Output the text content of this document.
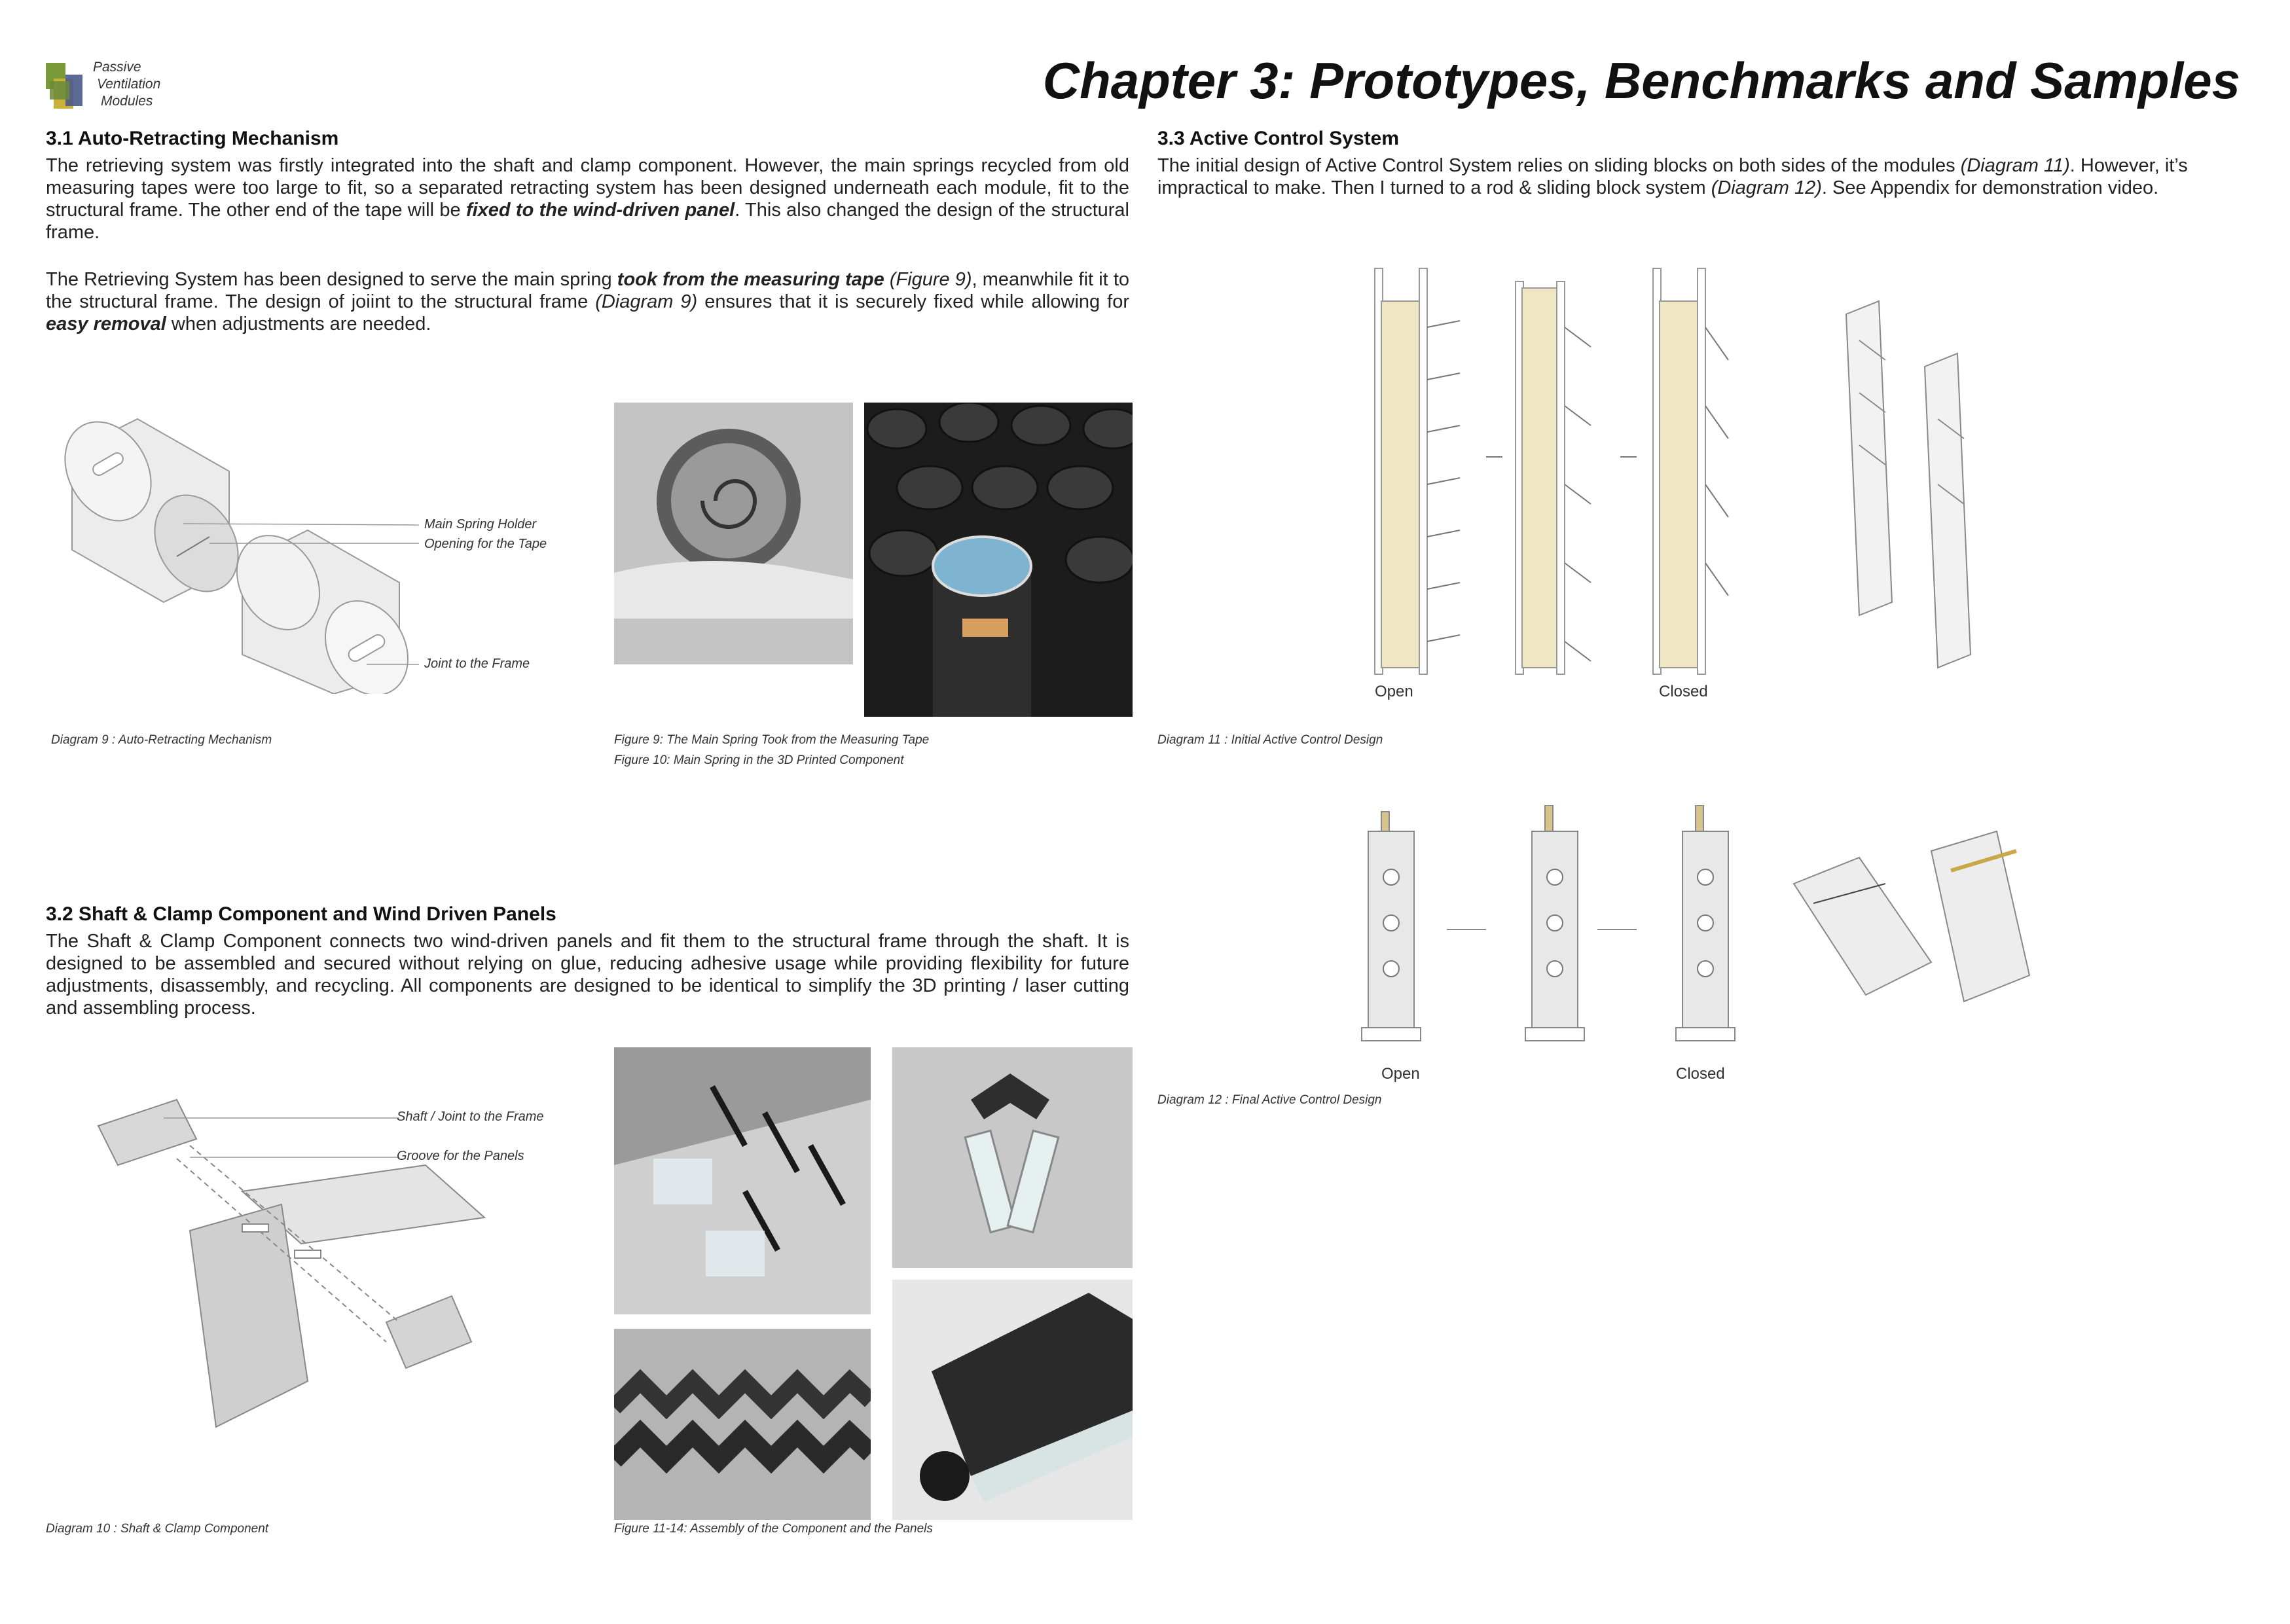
Passive
Ventilation
Modules	Chapter 3: Prototypes, Benchmarks and Samples
3.1 Auto-Retracting Mechanism
The retrieving system was firstly integrated into the shaft and clamp component. However, the main springs recycled from old measuring tapes were too large to fit, so a separated retracting system has been designed underneath each module, fit to the structural frame. The other end of the tape will be fixed to the wind-driven panel. This also changed the design of the structural frame.
The Retrieving System has been designed to serve the main spring took from the measuring tape (Figure 9), meanwhile fit it to the structural frame. The design of joiint to the structural frame (Diagram 9) ensures that it is securely fixed while allowing for easy removal when adjustments are needed.
Main Spring Holder
Opening for the Tape
Joint to the Frame
Diagram 9 : Auto-Retracting Mechanism	Figure 9: The Main Spring Took from the Measuring Tape
Figure 10: Main Spring in the 3D Printed Component
3.2 Shaft & Clamp Component and Wind Driven Panels
The Shaft & Clamp Component connects two wind-driven panels and fit them to the structural frame through the shaft. It is designed to be assembled and secured without relying on glue, reducing adhesive usage while providing flexibility for future adjustments, disassembly, and recycling. All components are designed to be identical to simplify the 3D printing / laser cutting and assembling process.
Shaft / Joint to the Frame
Groove for the Panels
Diagram 10 : Shaft & Clamp Component	Figure 11-14: Assembly of the Component and the Panels
3.3 Active Control System
The initial design of Active Control System relies on sliding blocks on both sides of the modules (Diagram 11). However, it’s impractical to make. Then I turned to a rod & sliding block system (Diagram 12). See Appendix for demonstration video.
Open	Closed
Diagram 11 : Initial Active Control Design
Open	Closed
Diagram 12 : Final Active Control Design
